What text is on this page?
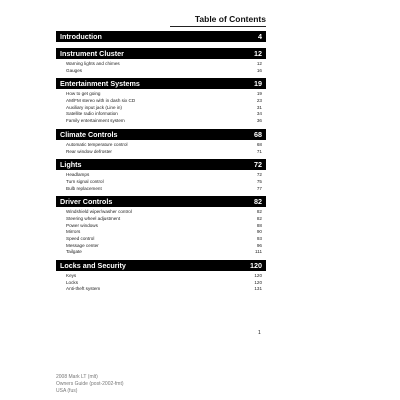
Table of Contents
Introduction	4
Instrument Cluster	12
Warning lights and chimes	12
Gauges	16
Entertainment Systems	19
How to get going	19
AM/FM stereo with in dash six CD	23
Auxiliary input jack (Line in)	31
Satellite radio information	34
Family entertainment system	36
Climate Controls	68
Automatic temperature control	68
Rear window defroster	71
Lights	72
Headlamps	72
Turn signal control	75
Bulb replacement	77
Driver Controls	82
Windshield wiper/washer control	82
Steering wheel adjustment	82
Power windows	88
Mirrors	90
Speed control	93
Message center	96
Tailgate	111
Locks and Security	120
Keys	120
Locks	120
Anti-theft system	131
1
2008 Mark LT (mlt)
Owners Guide (post-2002-fmt)
USA (fus)
